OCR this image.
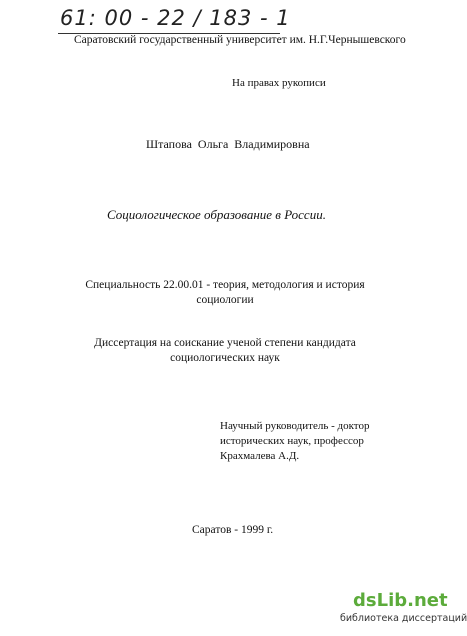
61: 00 - 22 / 183 - 1
Саратовский государственный университет им. Н.Г.Чернышевского
На правах рукописи
Штапова Ольга Владимировна
Социологическое образование в России.
Специальность 22.00.01 - теория, методология и история
социологии
Диссертация на соискание ученой степени кандидата
социологических наук
Научный руководитель - доктор
исторических наук, профессор
Крахмалева А.Д.
Саратов - 1999 г.
dsLib.net
библиотека диссертаций
